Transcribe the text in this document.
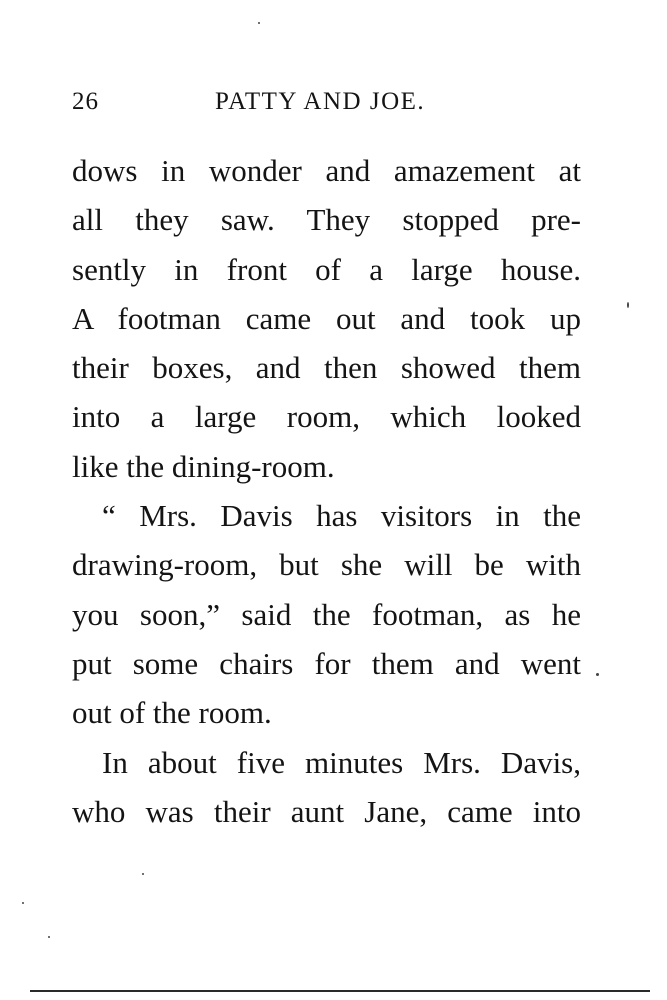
26	PATTY AND JOE.

dows in wonder and amazement at
all they saw. They stopped pre-
sently in front of a large house.
A footman came out and took up
their boxes, and then showed them
into a large room, which looked
like the dining-room.

“ Mrs. Davis has visitors in the
drawing-room, but she will be with
you soon,” said the footman, as he
put some chairs for them and went
out of the room.

In about five minutes Mrs. Davis,
who was their aunt Jane, came into
